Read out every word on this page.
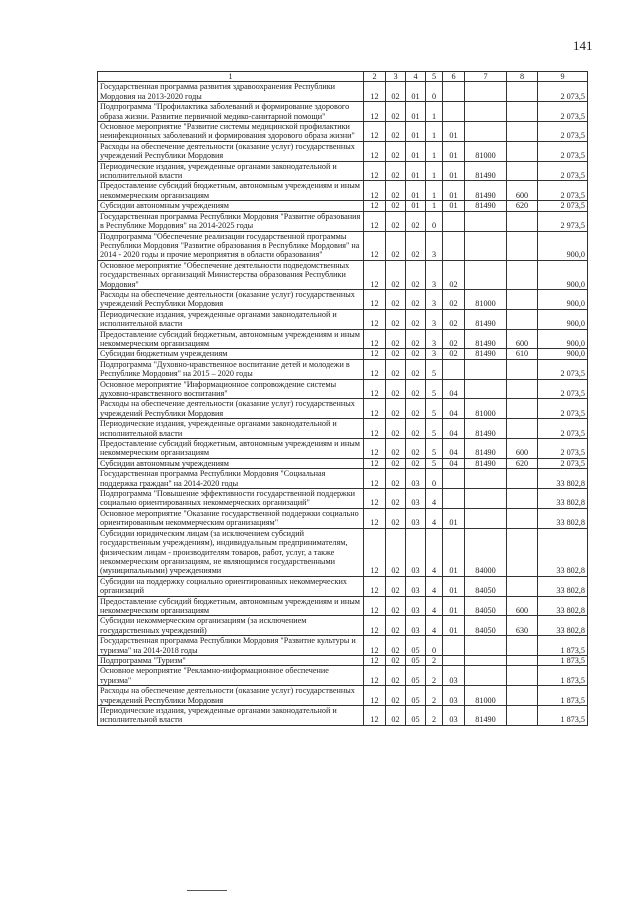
141
1	2	3	4	5	6	7	8	9
Государственная программа развития здравоохранения Республики Мордовия на 2013-2020 годы	12	02	01	0				2 073,5
Подпрограмма "Профилактика заболеваний и формирование здорового образа жизни. Развитие первичной медико-санитарной помощи"	12	02	01	1				2 073,5
Основное мероприятие "Развитие системы медицинской профилактики неинфекционных заболеваний и формирования здорового образа жизни"	12	02	01	1	01			2 073,5
Расходы на обеспечение деятельности (оказание услуг) государственных учреждений Республики Мордовия	12	02	01	1	01	81000		2 073,5
Периодические издания, учрежденные органами законодательной и исполнительной власти	12	02	01	1	01	81490		2 073,5
Предоставление субсидий бюджетным, автономным учреждениям и иным некоммерческим организациям	12	02	01	1	01	81490	600	2 073,5
Субсидии автономным учреждениям	12	02	01	1	01	81490	620	2 073,5
Государственная программа Республики Мордовия "Развитие образования в Республике Мордовия" на 2014-2025 годы	12	02	02	0				2 973,5
Подпрограмма "Обеспечение реализации государственной программы Республики Мордовия "Развитие образования в Республике Мордовия" на 2014 - 2020 годы и прочие мероприятия в области образования"	12	02	02	3				900,0
Основное мероприятие "Обеспечение деятельности подведомственных государственных организаций Министерства образования Республики Мордовия"	12	02	02	3	02			900,0
Расходы на обеспечение деятельности (оказание услуг) государственных учреждений Республики Мордовия	12	02	02	3	02	81000		900,0
Периодические издания, учрежденные органами законодательной и исполнительной власти	12	02	02	3	02	81490		900,0
Предоставление субсидий бюджетным, автономным учреждениям и иным некоммерческим организациям	12	02	02	3	02	81490	600	900,0
Субсидии бюджетным учреждениям	12	02	02	3	02	81490	610	900,0
Подпрограмма "Духовно-нравственное воспитание детей и молодежи в Республике Мордовия" на 2015 – 2020 годы	12	02	02	5				2 073,5
Основное мероприятие "Информационное сопровождение системы духовно-нравственного воспитания"	12	02	02	5	04			2 073,5
Расходы на обеспечение деятельности (оказание услуг) государственных учреждений Республики Мордовия	12	02	02	5	04	81000		2 073,5
Периодические издания, учрежденные органами законодательной и исполнительной власти	12	02	02	5	04	81490		2 073,5
Предоставление субсидий бюджетным, автономным учреждениям и иным некоммерческим организациям	12	02	02	5	04	81490	600	2 073,5
Субсидии автономным учреждениям	12	02	02	5	04	81490	620	2 073,5
Государственная программа Республики Мордовия "Социальная поддержка граждан" на 2014-2020 годы	12	02	03	0				33 802,8
Подпрограмма "Повышение эффективности государственной поддержки социально ориентированных некоммерческих организаций"	12	02	03	4				33 802,8
Основное мероприятие "Оказание государственной поддержки социально ориентированным некоммерческим организациям"	12	02	03	4	01			33 802,8
Субсидии юридическим лицам (за исключением субсидий государственным учреждениям), индивидуальным предпринимателям, физическим лицам - производителям товаров, работ, услуг, а также некоммерческим организациям, не являющимся государственными (муниципальными) учреждениями	12	02	03	4	01	84000		33 802,8
Субсидии на поддержку социально ориентированных некоммерческих организаций	12	02	03	4	01	84050		33 802,8
Предоставление субсидий бюджетным, автономным учреждениям и иным некоммерческим организациям	12	02	03	4	01	84050	600	33 802,8
Субсидии некоммерческим организациям (за исключением государственных учреждений)	12	02	03	4	01	84050	630	33 802,8
Государственная программа Республики Мордовия "Развитие культуры и туризма" на 2014-2018 годы	12	02	05	0				1 873,5
Подпрограмма "Туризм"	12	02	05	2				1 873,5
Основное мероприятие "Рекламно-информационное обеспечение туризма"	12	02	05	2	03			1 873,5
Расходы на обеспечение деятельности (оказание услуг) государственных учреждений Республики Мордовия	12	02	05	2	03	81000		1 873,5
Периодические издания, учрежденные органами законодательной и исполнительной власти	12	02	05	2	03	81490		1 873,5
